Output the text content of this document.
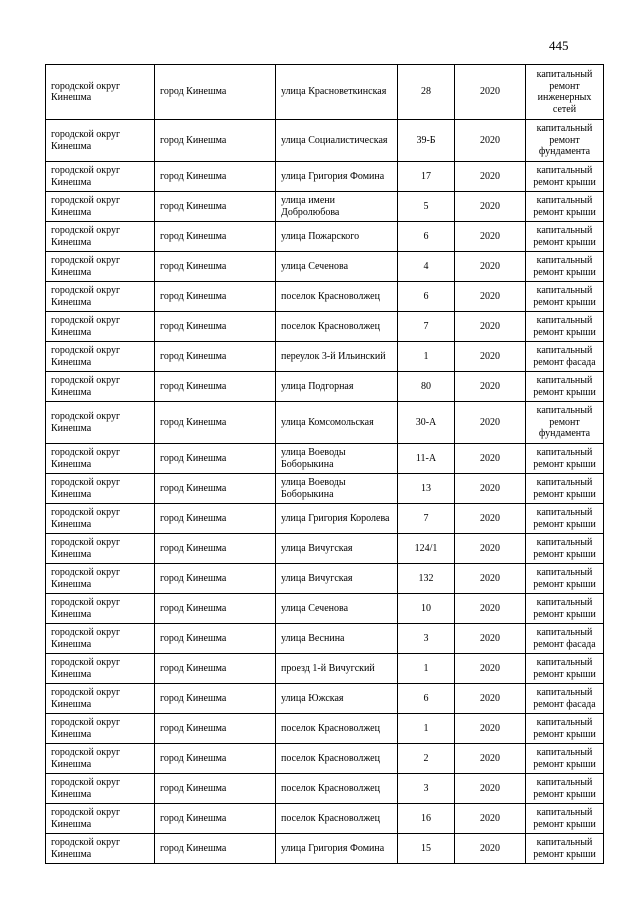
445
городской округ Кинешма	город Кинешма	улица Красноветкинская	28	2020	капитальный ремонт инженерных сетей
городской округ Кинешма	город Кинешма	улица Социалистическая	39-Б	2020	капитальный ремонт фундамента
городской округ Кинешма	город Кинешма	улица Григория Фомина	17	2020	капитальный ремонт крыши
городской округ Кинешма	город Кинешма	улица имени Добролюбова	5	2020	капитальный ремонт крыши
городской округ Кинешма	город Кинешма	улица Пожарского	6	2020	капитальный ремонт крыши
городской округ Кинешма	город Кинешма	улица Сеченова	4	2020	капитальный ремонт крыши
городской округ Кинешма	город Кинешма	поселок Красноволжец	6	2020	капитальный ремонт крыши
городской округ Кинешма	город Кинешма	поселок Красноволжец	7	2020	капитальный ремонт крыши
городской округ Кинешма	город Кинешма	переулок 3-й Ильинский	1	2020	капитальный ремонт фасада
городской округ Кинешма	город Кинешма	улица Подгорная	80	2020	капитальный ремонт крыши
городской округ Кинешма	город Кинешма	улица Комсомольская	30-А	2020	капитальный ремонт фундамента
городской округ Кинешма	город Кинешма	улица Воеводы Боборыкина	11-А	2020	капитальный ремонт крыши
городской округ Кинешма	город Кинешма	улица Воеводы Боборыкина	13	2020	капитальный ремонт крыши
городской округ Кинешма	город Кинешма	улица Григория Королева	7	2020	капитальный ремонт крыши
городской округ Кинешма	город Кинешма	улица Вичугская	124/1	2020	капитальный ремонт крыши
городской округ Кинешма	город Кинешма	улица Вичугская	132	2020	капитальный ремонт крыши
городской округ Кинешма	город Кинешма	улица Сеченова	10	2020	капитальный ремонт крыши
городской округ Кинешма	город Кинешма	улица Веснина	3	2020	капитальный ремонт фасада
городской округ Кинешма	город Кинешма	проезд 1-й Вичугский	1	2020	капитальный ремонт крыши
городской округ Кинешма	город Кинешма	улица Южская	6	2020	капитальный ремонт фасада
городской округ Кинешма	город Кинешма	поселок Красноволжец	1	2020	капитальный ремонт крыши
городской округ Кинешма	город Кинешма	поселок Красноволжец	2	2020	капитальный ремонт крыши
городской округ Кинешма	город Кинешма	поселок Красноволжец	3	2020	капитальный ремонт крыши
городской округ Кинешма	город Кинешма	поселок Красноволжец	16	2020	капитальный ремонт крыши
городской округ Кинешма	город Кинешма	улица Григория Фомина	15	2020	капитальный ремонт крыши
